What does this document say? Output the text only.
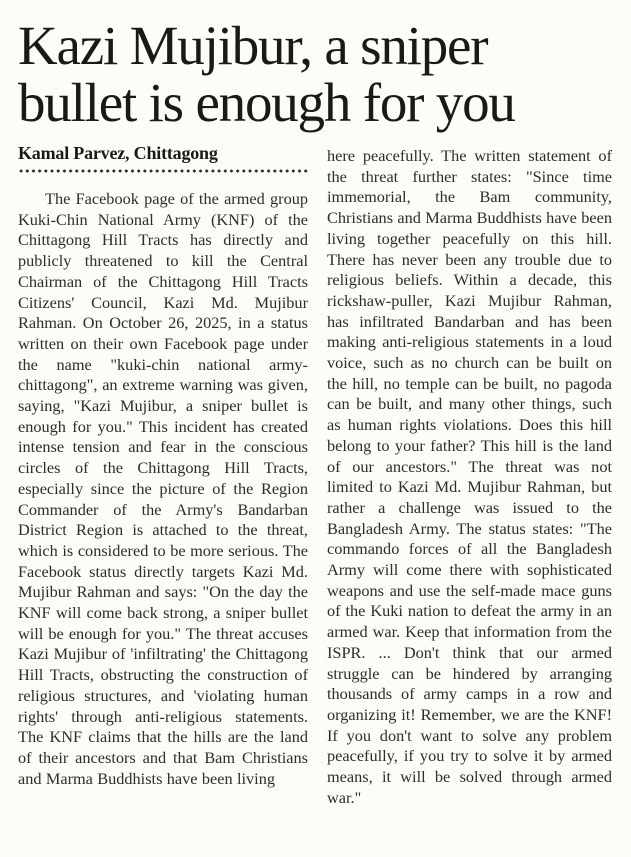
Kazi Mujibur, a sniper
bullet is enough for you
Kamal Parvez, Chittagong

The Facebook page of the armed group Kuki-Chin National Army (KNF) of the Chittagong Hill Tracts has directly and publicly threatened to kill the Central Chairman of the Chittagong Hill Tracts Citizens' Council, Kazi Md. Mujibur Rahman. On October 26, 2025, in a status written on their own Facebook page under the name "kuki-chin national army-chittagong", an extreme warning was given, saying, "Kazi Mujibur, a sniper bullet is enough for you." This incident has created intense tension and fear in the conscious circles of the Chittagong Hill Tracts, especially since the picture of the Region Commander of the Army's Bandarban District Region is attached to the threat, which is considered to be more serious. The Facebook status directly targets Kazi Md. Mujibur Rahman and says: "On the day the KNF will come back strong, a sniper bullet will be enough for you." The threat accuses Kazi Mujibur of 'infiltrating' the Chittagong Hill Tracts, obstructing the construction of religious structures, and 'violating human rights' through anti-religious statements. The KNF claims that the hills are the land of their ancestors and that Bam Christians and Marma Buddhists have been living

here peacefully. The written statement of the threat further states: "Since time immemorial, the Bam community, Christians and Marma Buddhists have been living together peacefully on this hill. There has never been any trouble due to religious beliefs. Within a decade, this rickshaw-puller, Kazi Mujibur Rahman, has infiltrated Bandarban and has been making anti-religious statements in a loud voice, such as no church can be built on the hill, no temple can be built, no pagoda can be built, and many other things, such as human rights violations. Does this hill belong to your father? This hill is the land of our ancestors." The threat was not limited to Kazi Md. Mujibur Rahman, but rather a challenge was issued to the Bangladesh Army. The status states: "The commando forces of all the Bangladesh Army will come there with sophisticated weapons and use the self-made mace guns of the Kuki nation to defeat the army in an armed war. Keep that information from the ISPR. ... Don't think that our armed struggle can be hindered by arranging thousands of army camps in a row and organizing it! Remember, we are the KNF! If you don't want to solve any problem peacefully, if you try to solve it by armed means, it will be solved through armed war."
